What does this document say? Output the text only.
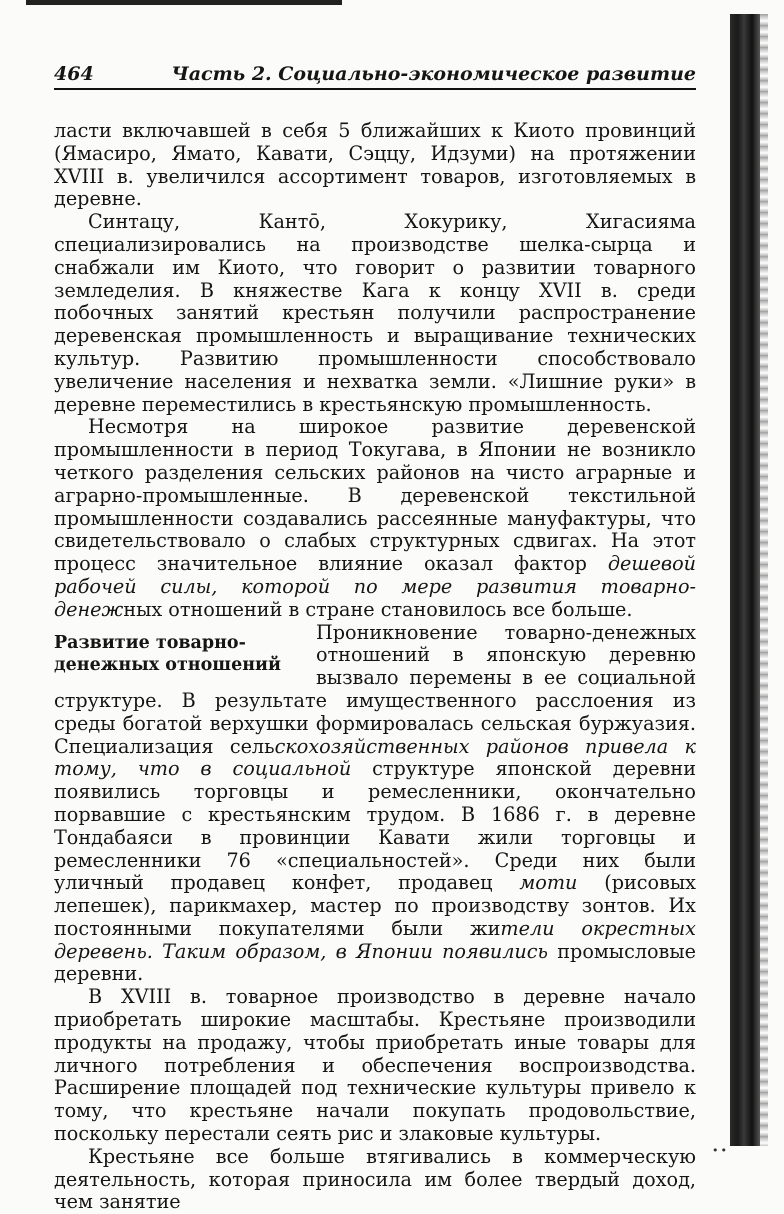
••
464	Часть 2. Социально-экономическое развитие

ласти включавшей в себя 5 ближайших к Киото провинций (Ямасиро, Ямато, Кавати, Сэццу, Идзуми) на протяжении XVIII в. увеличился ассортимент товаров, изготовляемых в деревне.

Синтацу, Кантō, Хокурику, Хигасияма специализировались на производстве шелка-сырца и снабжали им Киото, что говорит о развитии товарного земледелия. В княжестве Кага к концу XVII в. среди побочных занятий крестьян получили распространение деревенская промышленность и выращивание технических культур. Развитию промышленности способствовало увеличение населения и нехватка земли. «Лишние руки» в деревне переместились в крестьянскую промышленность.

Несмотря на широкое развитие деревенской промышленности в период Токугава, в Японии не возникло четкого разделения сельских районов на чисто аграрные и аграрно-промышленные. В деревенской текстильной промышленности создавались рассеянные мануфактуры, что свидетельствовало о слабых структурных сдвигах. На этот процесс значительное влияние оказал фактор дешевой рабочей силы, которой по мере развития товарно-денежных отношений в стране становилось все больше.

Развитие товарно-денежных отношений

Проникновение товарно-денежных отношений в японскую деревню вызвало перемены в ее социальной структуре. В результате имущественного расслоения из среды богатой верхушки формировалась сельская буржуазия. Специализация сельскохозяйственных районов привела к тому, что в социальной структуре японской деревни появились торговцы и ремесленники, окончательно порвавшие с крестьянским трудом. В 1686 г. в деревне Тондабаяси в провинции Кавати жили торговцы и ремесленники 76 «специальностей». Среди них были уличный продавец конфет, продавец моти (рисовых лепешек), парикмахер, мастер по производству зонтов. Их постоянными покупателями были жители окрестных деревень. Таким образом, в Японии появились промысловые деревни.

В XVIII в. товарное производство в деревне начало приобретать широкие масштабы. Крестьяне производили продукты на продажу, чтобы приобретать иные товары для личного потребления и обеспечения воспроизводства. Расширение площадей под технические культуры привело к тому, что крестьяне начали покупать продовольствие, поскольку перестали сеять рис и злаковые культуры.

Крестьяне все больше втягивались в коммерческую деятельность, которая приносила им более твердый доход, чем занятие
